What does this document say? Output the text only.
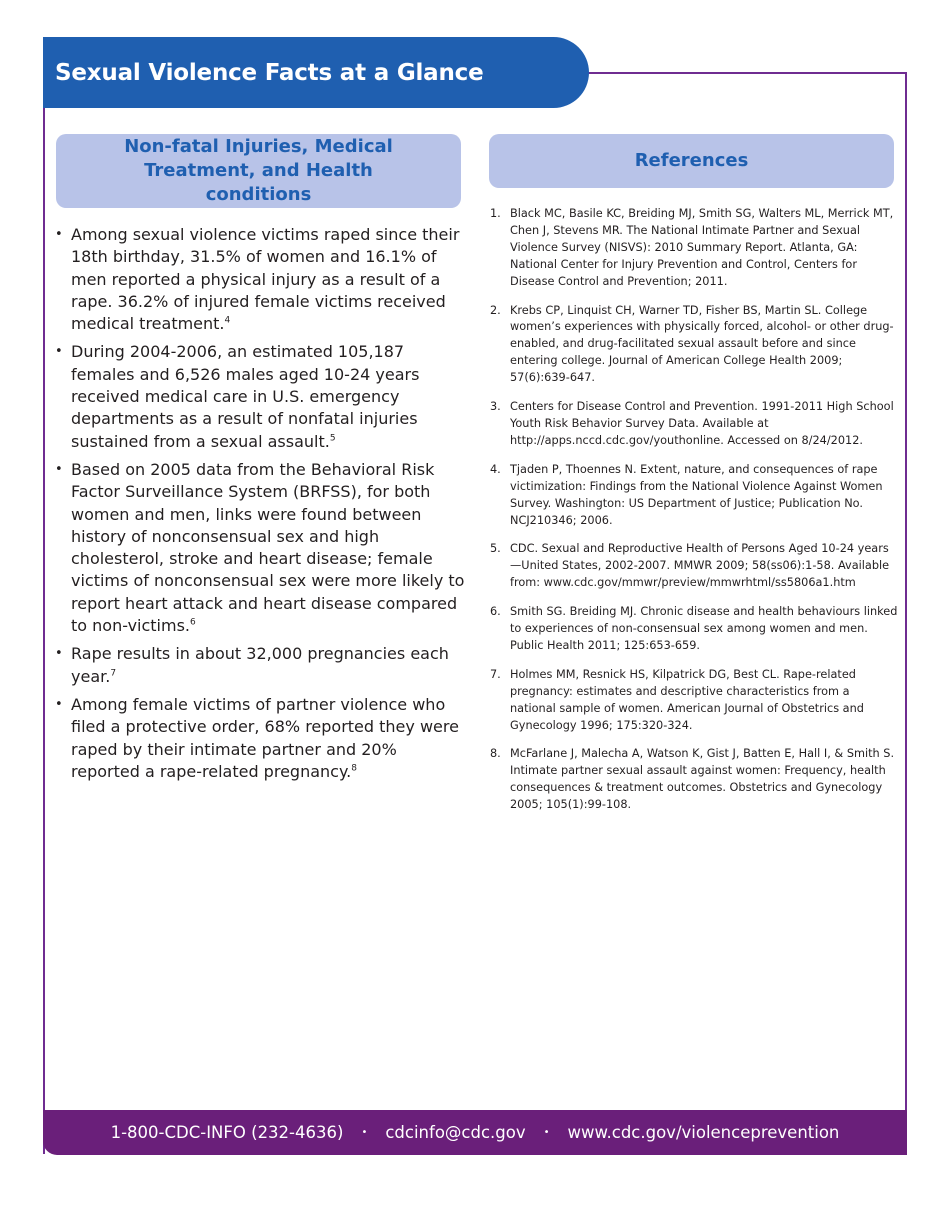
Sexual Violence Facts at a Glance
Non-fatal Injuries, Medical Treatment, and Health conditions
References
• Among sexual violence victims raped since their 18th birthday, 31.5% of women and 16.1% of men reported a physical injury as a result of a rape. 36.2% of injured female victims received medical treatment.$^4$
• During 2004-2006, an estimated 105,187 females and 6,526 males aged 10-24 years received medical care in U.S. emergency departments as a result of nonfatal injuries sustained from a sexual assault.$^5$
• Based on 2005 data from the Behavioral Risk Factor Surveillance System (BRFSS), for both women and men, links were found between history of nonconsensual sex and high cholesterol, stroke and heart disease; female victims of nonconsensual sex were more likely to report heart attack and heart disease compared to non-victims.$^6$
• Rape results in about 32,000 pregnancies each year.$^7$
• Among female victims of partner violence who filed a protective order, 68% reported they were raped by their intimate partner and 20% reported a rape-related pregnancy.$^8$
1. Black MC, Basile KC, Breiding MJ, Smith SG, Walters ML, Merrick MT, Chen J, Stevens MR. The National Intimate Partner and Sexual Violence Survey (NISVS): 2010 Summary Report. Atlanta, GA: National Center for Injury Prevention and Control, Centers for Disease Control and Prevention; 2011.
2. Krebs CP, Linquist CH, Warner TD, Fisher BS, Martin SL. College women’s experiences with physically forced, alcohol- or other drug-enabled, and drug-facilitated sexual assault before and since entering college. Journal of American College Health 2009; 57(6):639-647.
3. Centers for Disease Control and Prevention. 1991-2011 High School Youth Risk Behavior Survey Data. Available at http://apps.nccd.cdc.gov/youthonline. Accessed on 8/24/2012.
4. Tjaden P, Thoennes N. Extent, nature, and consequences of rape victimization: Findings from the National Violence Against Women Survey. Washington: US Department of Justice; Publication No. NCJ210346; 2006.
5. CDC. Sexual and Reproductive Health of Persons Aged 10-24 years—United States, 2002-2007. MMWR 2009; 58(ss06):1-58. Available from: www.cdc.gov/mmwr/preview/mmwrhtml/ss5806a1.htm
6. Smith SG. Breiding MJ. Chronic disease and health behaviours linked to experiences of non-consensual sex among women and men. Public Health 2011; 125:653-659.
7. Holmes MM, Resnick HS, Kilpatrick DG, Best CL. Rape-related pregnancy: estimates and descriptive characteristics from a national sample of women. American Journal of Obstetrics and Gynecology 1996; 175:320-324.
8. McFarlane J, Malecha A, Watson K, Gist J, Batten E, Hall I, & Smith S. Intimate partner sexual assault against women: Frequency, health consequences & treatment outcomes. Obstetrics and Gynecology 2005; 105(1):99-108.
1-800-CDC-INFO (232-4636) • cdcinfo@cdc.gov • www.cdc.gov/violenceprevention
